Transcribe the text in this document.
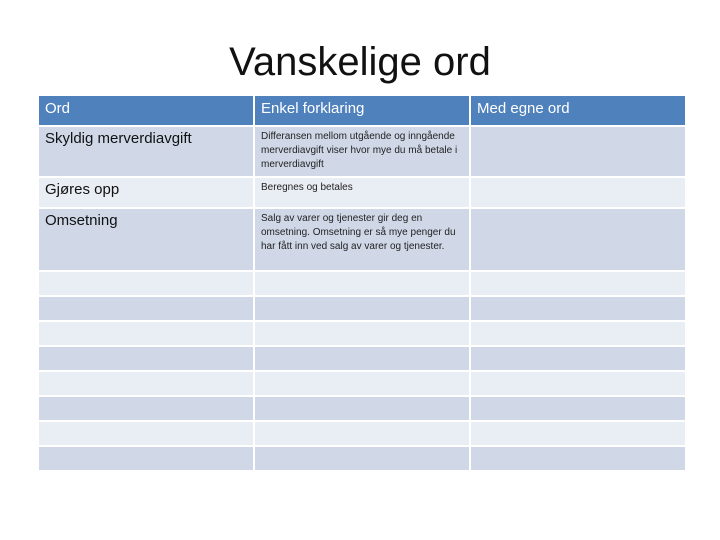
Vanskelige ord
Ord	Enkel forklaring	Med egne ord
Skyldig merverdiavgift	Differansen mellom utgående og inngående merverdiavgift viser hvor mye du må betale i merverdiavgift	
Gjøres opp	Beregnes og betales	
Omsetning	Salg av varer og tjenester gir deg en omsetning. Omsetning er så mye penger du har fått inn ved salg av varer og tjenester.	
